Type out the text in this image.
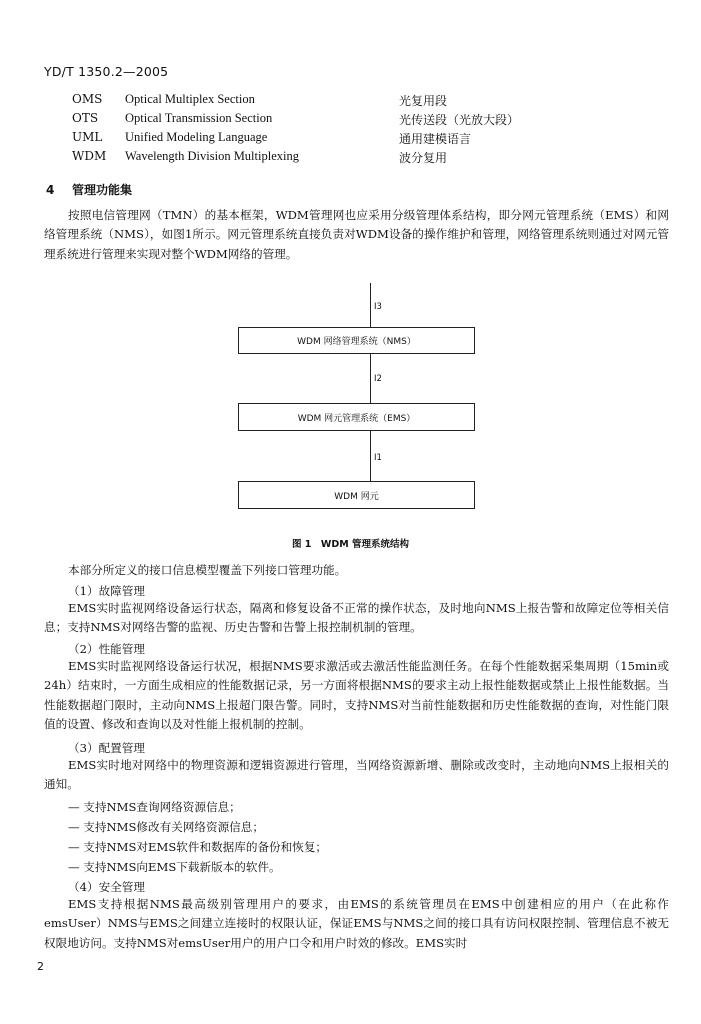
YD/T 1350.2—2005
OMS Optical Multiplex Section	光复用段
OTS Optical Transmission Section	光传送段（光放大段）
UML Unified Modeling Language	通用建模语言
WDM Wavelength Division Multiplexing	波分复用
4 管理功能集
按照电信管理网（TMN）的基本框架，WDM管理网也应采用分级管理体系结构，即分网元管理系统（EMS）和网络管理系统（NMS），如图1所示。网元管理系统直接负责对WDM设备的操作维护和管理，网络管理系统则通过对网元管理系统进行管理来实现对整个WDM网络的管理。
I3
WDM 网络管理系统（NMS）
I2
WDM 网元管理系统（EMS）
I1
WDM 网元
图 1　WDM 管理系统结构
本部分所定义的接口信息模型覆盖下列接口管理功能。
（1）故障管理
EMS实时监视网络设备运行状态，隔离和修复设备不正常的操作状态，及时地向NMS上报告警和故障定位等相关信息；支持NMS对网络告警的监视、历史告警和告警上报控制机制的管理。
（2）性能管理
EMS实时监视网络设备运行状况，根据NMS要求激活或去激活性能监测任务。在每个性能数据采集周期（15min或24h）结束时，一方面生成相应的性能数据记录，另一方面将根据NMS的要求主动上报性能数据或禁止上报性能数据。当性能数据超门限时，主动向NMS上报超门限告警。同时，支持NMS对当前性能数据和历史性能数据的查询，对性能门限值的设置、修改和查询以及对性能上报机制的控制。
（3）配置管理
EMS实时地对网络中的物理资源和逻辑资源进行管理，当网络资源新增、删除或改变时，主动地向NMS上报相关的通知。
— 支持NMS查询网络资源信息；
— 支持NMS修改有关网络资源信息；
— 支持NMS对EMS软件和数据库的备份和恢复；
— 支持NMS向EMS下载新版本的软件。
（4）安全管理
EMS支持根据NMS最高级别管理用户的要求，由EMS的系统管理员在EMS中创建相应的用户（在此称作emsUser）NMS与EMS之间建立连接时的权限认证，保证EMS与NMS之间的接口具有访问权限控制、管理信息不被无权限地访问。支持NMS对emsUser用户的用户口令和用户时效的修改。EMS实时
2
